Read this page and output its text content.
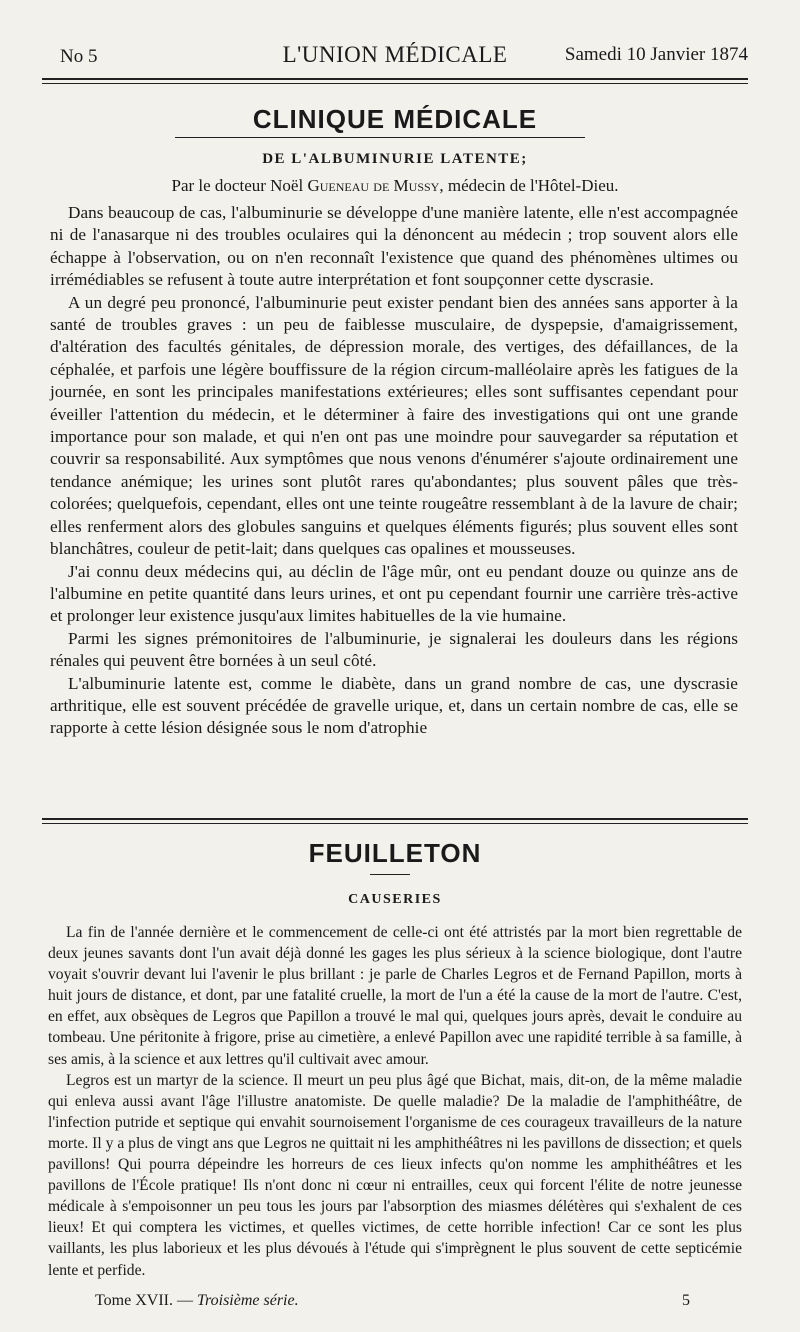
No 5	L'UNION MÉDICALE	Samedi 10 Janvier 1874
CLINIQUE MÉDICALE
DE L'ALBUMINURIE LATENTE;
Par le docteur Noël Gueneau de Mussy, médecin de l'Hôtel-Dieu.

Dans beaucoup de cas, l'albuminurie se développe d'une manière latente, elle n'est accompagnée ni de l'anasarque ni des troubles oculaires qui la dénoncent au médecin ; trop souvent alors elle échappe à l'observation, ou on n'en reconnaît l'existence que quand des phénomènes ultimes ou irrémédiables se refusent à toute autre interprétation et font soupçonner cette dyscrasie.

A un degré peu prononcé, l'albuminurie peut exister pendant bien des années sans apporter à la santé de troubles graves : un peu de faiblesse musculaire, de dyspepsie, d'amaigrissement, d'altération des facultés génitales, de dépression morale, des vertiges, des défaillances, de la céphalée, et parfois une légère bouffissure de la région circum-malléolaire après les fatigues de la journée, en sont les principales manifestations extérieures; elles sont suffisantes cependant pour éveiller l'attention du médecin, et le déterminer à faire des investigations qui ont une grande importance pour son malade, et qui n'en ont pas une moindre pour sauvegarder sa réputation et couvrir sa responsabilité. Aux symptômes que nous venons d'énumérer s'ajoute ordinairement une tendance anémique; les urines sont plutôt rares qu'abondantes; plus souvent pâles que très-colorées; quelquefois, cependant, elles ont une teinte rougeâtre ressemblant à de la lavure de chair; elles renferment alors des globules sanguins et quelques éléments figurés; plus souvent elles sont blanchâtres, couleur de petit-lait; dans quelques cas opalines et mousseuses.

J'ai connu deux médecins qui, au déclin de l'âge mûr, ont eu pendant douze ou quinze ans de l'albumine en petite quantité dans leurs urines, et ont pu cependant fournir une carrière très-active et prolonger leur existence jusqu'aux limites habituelles de la vie humaine.

Parmi les signes prémonitoires de l'albuminurie, je signalerai les douleurs dans les régions rénales qui peuvent être bornées à un seul côté.

L'albuminurie latente est, comme le diabète, dans un grand nombre de cas, une dyscrasie arthritique, elle est souvent précédée de gravelle urique, et, dans un certain nombre de cas, elle se rapporte à cette lésion désignée sous le nom d'atrophie

FEUILLETON
CAUSERIES

La fin de l'année dernière et le commencement de celle-ci ont été attristés par la mort bien regrettable de deux jeunes savants dont l'un avait déjà donné les gages les plus sérieux à la science biologique, dont l'autre voyait s'ouvrir devant lui l'avenir le plus brillant : je parle de Charles Legros et de Fernand Papillon, morts à huit jours de distance, et dont, par une fatalité cruelle, la mort de l'un a été la cause de la mort de l'autre. C'est, en effet, aux obsèques de Legros que Papillon a trouvé le mal qui, quelques jours après, devait le conduire au tombeau. Une péritonite à frigore, prise au cimetière, a enlevé Papillon avec une rapidité terrible à sa famille, à ses amis, à la science et aux lettres qu'il cultivait avec amour.

Legros est un martyr de la science. Il meurt un peu plus âgé que Bichat, mais, dit-on, de la même maladie qui enleva aussi avant l'âge l'illustre anatomiste. De quelle maladie? De la maladie de l'amphithéâtre, de l'infection putride et septique qui envahit sournoisement l'organisme de ces courageux travailleurs de la nature morte. Il y a plus de vingt ans que Legros ne quittait ni les amphithéâtres ni les pavillons de dissection; et quels pavillons! Qui pourra dépeindre les horreurs de ces lieux infects qu'on nomme les amphithéâtres et les pavillons de l'École pratique! Ils n'ont donc ni cœur ni entrailles, ceux qui forcent l'élite de notre jeunesse médicale à s'empoisonner un peu tous les jours par l'absorption des miasmes délétères qui s'exhalent de ces lieux! Et qui comptera les victimes, et quelles victimes, de cette horrible infection! Car ce sont les plus vaillants, les plus laborieux et les plus dévoués à l'étude qui s'imprègnent le plus souvent de cette septicémie lente et perfide.

Tome XVII. — Troisième série.	5
